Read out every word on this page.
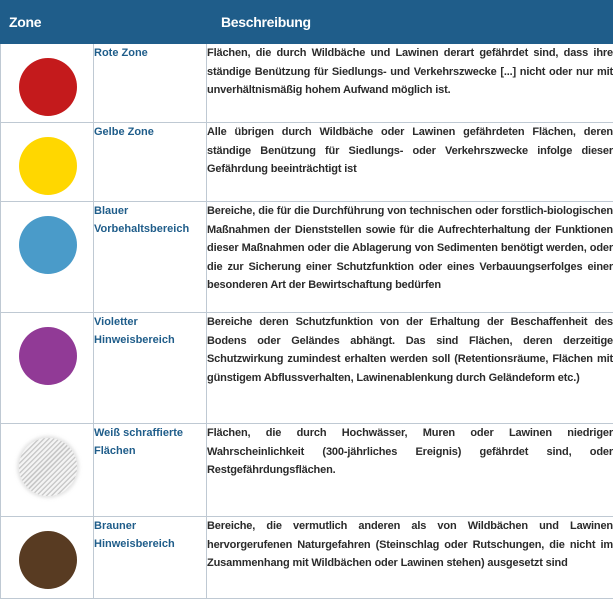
Zone		Beschreibung

	Rote Zone	Flächen, die durch Wildbäche und Lawinen derart gefährdet sind, dass ihre ständige Benützung für Siedlungs- und Verkehrszwecke [...] nicht oder nur mit unverhältnismäßig hohem Aufwand möglich ist.

	Gelbe Zone	Alle übrigen durch Wildbäche oder Lawinen gefährdeten Flächen, deren ständige Benützung für Siedlungs- oder Verkehrszwecke infolge dieser Gefährdung beeinträchtigt ist

	Blauer Vorbehaltsbereich	Bereiche, die für die Durchführung von technischen oder forstlich-biologischen Maßnahmen der Dienststellen sowie für die Aufrechterhaltung der Funktionen dieser Maßnahmen oder die Ablagerung von Sedimenten benötigt werden, oder die zur Sicherung einer Schutzfunktion oder eines Verbauungserfolges einer besonderen Art der Bewirtschaftung bedürfen

	Violetter Hinweisbereich	Bereiche deren Schutzfunktion von der Erhaltung der Beschaffenheit des Bodens oder Geländes abhängt. Das sind Flächen, deren derzeitige Schutzwirkung zumindest erhalten werden soll (Retentionsräume, Flächen mit günstigem Abflussverhalten, Lawinenablenkung durch Geländeform etc.)

	Weiß schraffierte Flächen	Flächen, die durch Hochwässer, Muren oder Lawinen niedriger Wahrscheinlichkeit (300-jährliches Ereignis) gefährdet sind, oder Restgefährdungsflächen.

	Brauner Hinweisbereich	Bereiche, die vermutlich anderen als von Wildbächen und Lawinen hervorgerufenen Naturgefahren (Steinschlag oder Rutschungen, die nicht im Zusammenhang mit Wildbächen oder Lawinen stehen) ausgesetzt sind
